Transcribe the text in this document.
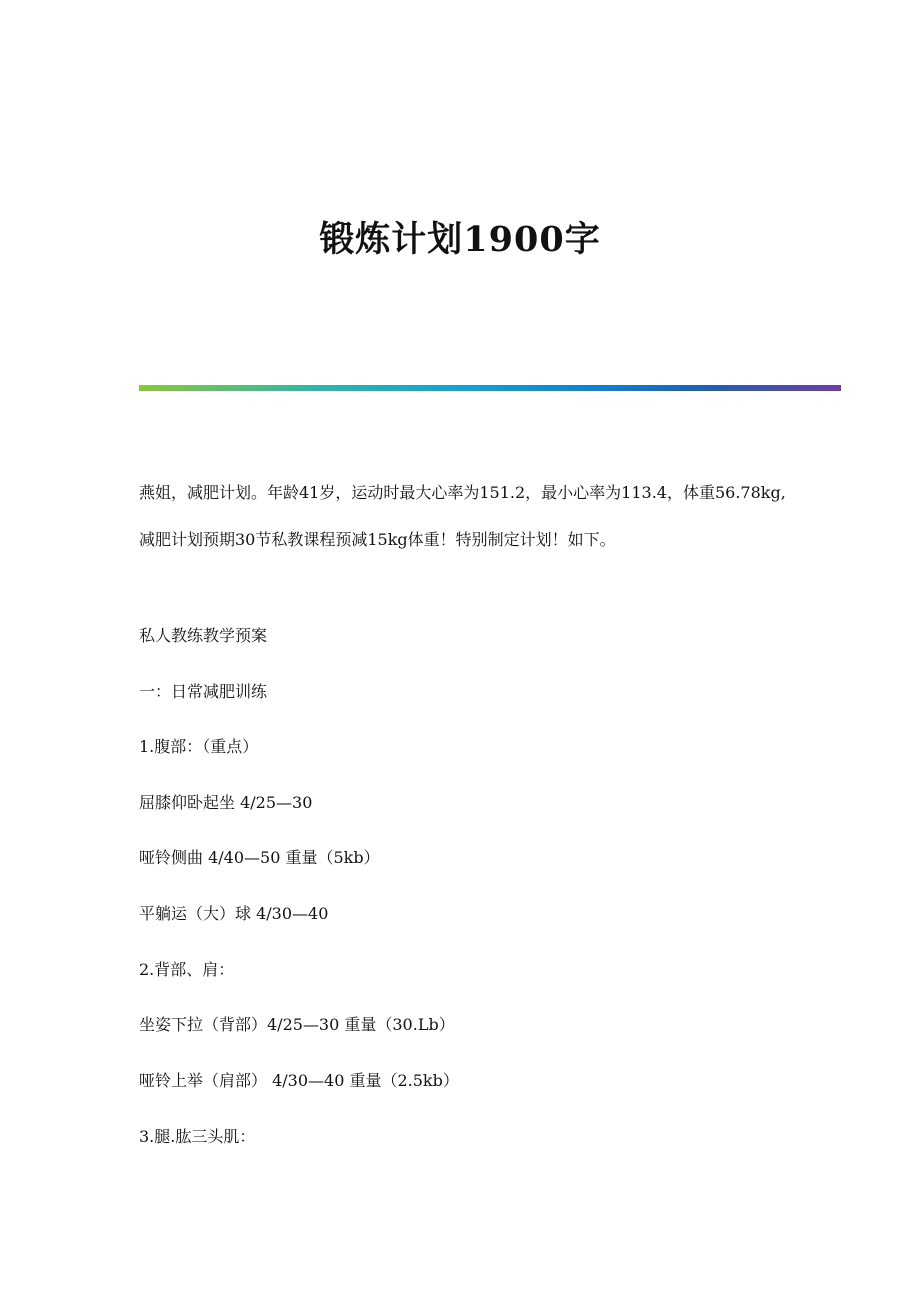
锻炼计划1900字

燕姐，减肥计划。年龄41岁，运动时最大心率为151.2，最小心率为113.4，体重56.78kg,减肥计划预期30节私教课程预减15kg体重！特别制定计划！如下。

私人教练教学预案

一：日常减肥训练

1.腹部：（重点）

屈膝仰卧起坐 4/25—30

哑铃侧曲 4/40—50 重量（5kb）

平躺运（大）球 4/30—40

2.背部、肩：

坐姿下拉（背部）4/25—30 重量（30.Lb）

哑铃上举（肩部） 4/30—40 重量（2.5kb）

3.腿.肱三头肌：
